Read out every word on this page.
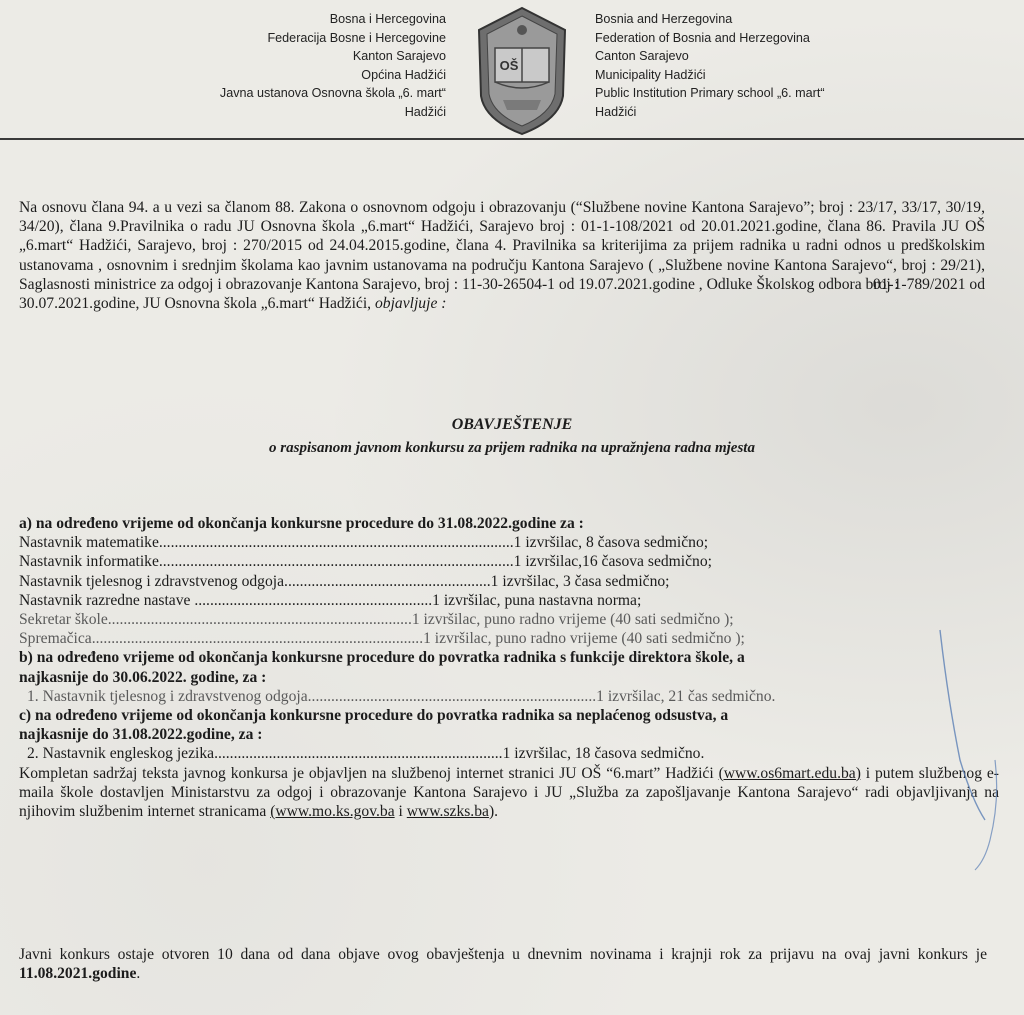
Bosna i Hercegovina
Federacija Bosne i Hercegovine
Kanton Sarajevo
Općina Hadžići
Javna ustanova Osnovna škola „6. mart“
Hadžići
OŠ
Bosnia and Herzegovina
Federation of Bosnia and Herzegovina
Canton Sarajevo
Municipality Hadžići
Public Institution Primary school „6. mart“
Hadžići

Na osnovu člana 94. a u vezi sa članom 88. Zakona o osnovnom odgoju i obrazovanju (“Službene novine Kantona Sarajevo”; broj : 23/17, 33/17, 30/19, 34/20), člana 9.Pravilnika o radu JU Osnovna škola „6.mart“ Hadžići, Sarajevo broj : 01-1-108/2021 od 20.01.2021.godine, člana 86. Pravila JU OŠ „6.mart“ Hadžići, Sarajevo, broj : 270/2015 od 24.04.2015.godine, člana 4. Pravilnika sa kriterijima za prijem radnika u radni odnos u predškolskim ustanovama , osnovnim i srednjim školama kao javnim ustanovama na području Kantona Sarajevo ( „Službene novine Kantona Sarajevo“, broj : 29/21), Saglasnosti ministrice za odgoj i obrazovanje Kantona Sarajevo, broj : 11-30-26504-1 od 19.07.2021.godine , Odluke Školskog odbora broj :

01-1-789/2021 od

30.07.2021.godine, JU Osnovna škola „6.mart“ Hadžići, objavljuje :

OBAVJEŠTENJE
o raspisanom javnom konkursu za prijem radnika na upražnjena radna mjesta
a) na određeno vrijeme od okončanja konkursne procedure do 31.08.2022.godine za :
Nastavnik matematike...........................................................................................1 izvršilac, 8 časova sedmično;
Nastavnik informatike...........................................................................................1 izvršilac,16 časova sedmično;
Nastavnik tjelesnog i zdravstvenog odgoja.....................................................1 izvršilac, 3 časa sedmično;
Nastavnik razredne nastave .............................................................1 izvršilac, puna nastavna norma;
Sekretar škole..............................................................................1 izvršilac, puno radno vrijeme (40 sati sedmično );
Spremačica.....................................................................................1 izvršilac, puno radno vrijeme (40 sati sedmično );
b) na određeno vrijeme od okončanja konkursne procedure do povratka radnika s funkcije direktora škole, a
najkasnije do 30.06.2022. godine, za :
1. Nastavnik tjelesnog i zdravstvenog odgoja..........................................................................1 izvršilac, 21 čas sedmično.
c) na određeno vrijeme od okončanja konkursne procedure do povratka radnika sa neplaćenog odsustva, a
najkasnije do 31.08.2022.godine, za :
2. Nastavnik engleskog jezika..........................................................................1 izvršilac, 18 časova sedmično.

Kompletan sadržaj teksta javnog konkursa je objavljen na službenoj internet stranici JU OŠ “6.mart” Hadžići (www.os6mart.edu.ba) i putem službenog e-maila škole dostavljen Ministarstvu za odgoj i obrazovanje Kantona Sarajevo i JU „Služba za zapošljavanje Kantona Sarajevo“ radi objavljivanja na njihovim službenim internet stranicama (www.mo.ks.gov.ba i www.szks.ba).

Javni konkurs ostaje otvoren 10 dana od dana objave ovog obavještenja u dnevnim novinama i krajnji rok za prijavu na ovaj javni konkurs je 11.08.2021.godine.
